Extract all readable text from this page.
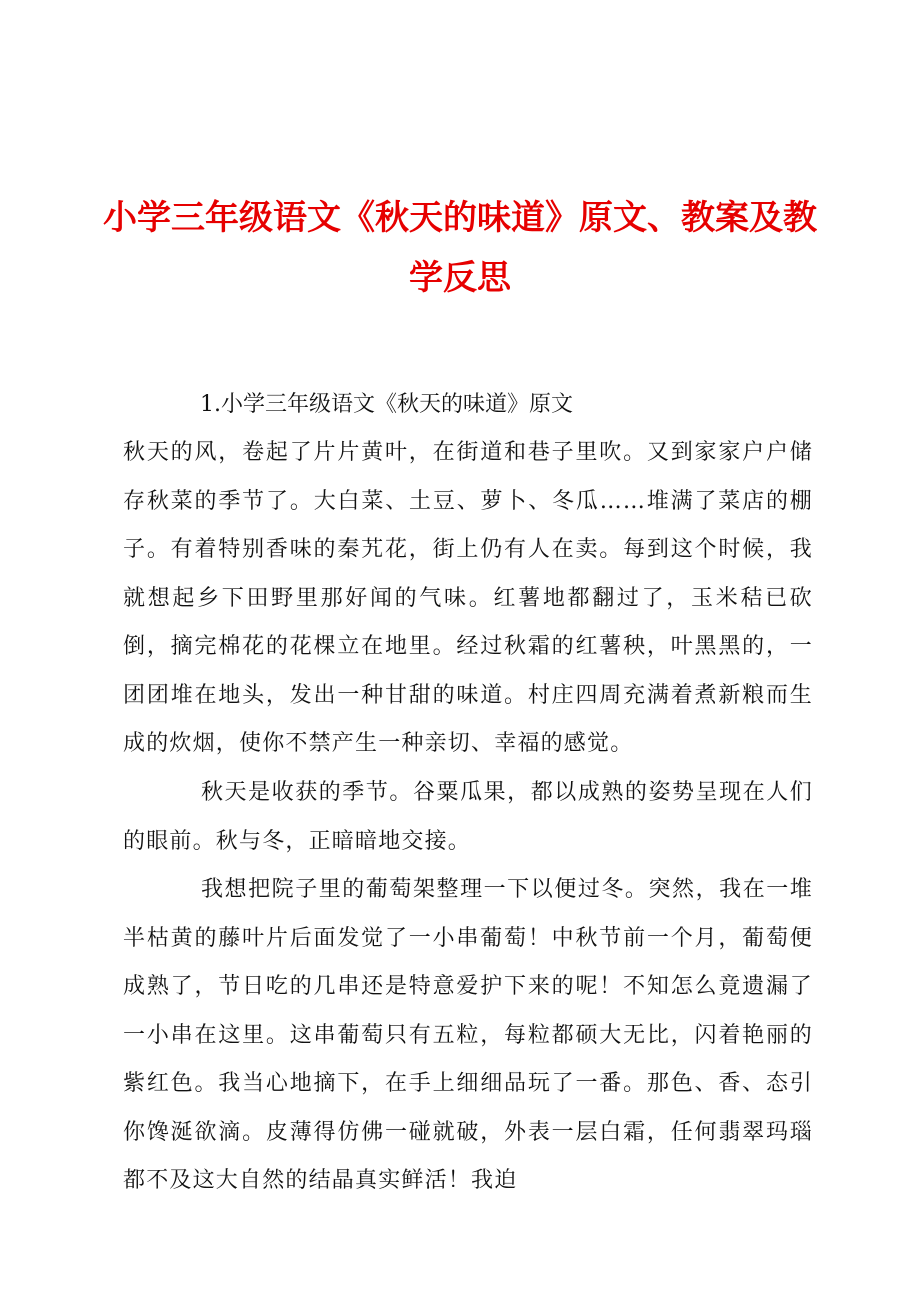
小学三年级语文《秋天的味道》原文、教案及教学反思

1.小学三年级语文《秋天的味道》原文

秋天的风，卷起了片片黄叶，在街道和巷子里吹。又到家家户户储存秋菜的季节了。大白菜、土豆、萝卜、冬瓜……堆满了菜店的棚子。有着特别香味的秦艽花，街上仍有人在卖。每到这个时候，我就想起乡下田野里那好闻的气味。红薯地都翻过了，玉米秸已砍倒，摘完棉花的花棵立在地里。经过秋霜的红薯秧，叶黑黑的，一团团堆在地头，发出一种甘甜的味道。村庄四周充满着煮新粮而生成的炊烟，使你不禁产生一种亲切、幸福的感觉。

秋天是收获的季节。谷粟瓜果，都以成熟的姿势呈现在人们的眼前。秋与冬，正暗暗地交接。

我想把院子里的葡萄架整理一下以便过冬。突然，我在一堆半枯黄的藤叶片后面发觉了一小串葡萄！中秋节前一个月，葡萄便成熟了，节日吃的几串还是特意爱护下来的呢！不知怎么竟遗漏了一小串在这里。这串葡萄只有五粒，每粒都硕大无比，闪着艳丽的紫红色。我当心地摘下，在手上细细品玩了一番。那色、香、态引你馋涎欲滴。皮薄得仿佛一碰就破，外表一层白霜，任何翡翠玛瑙都不及这大自然的结晶真实鲜活！我迫
